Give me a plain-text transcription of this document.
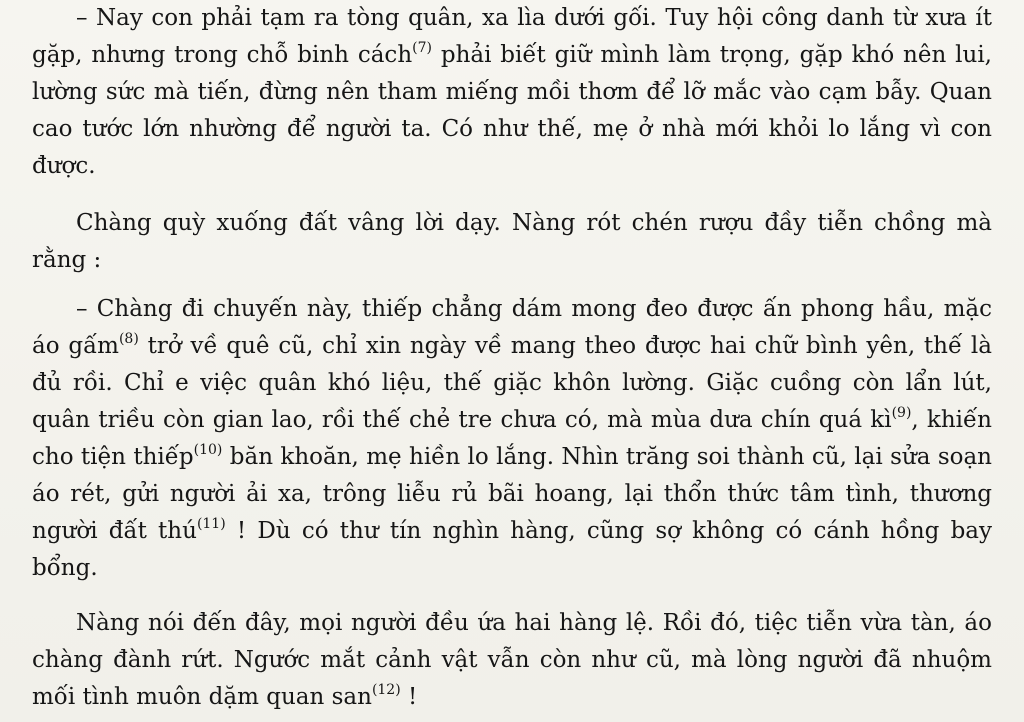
– Nay con phải tạm ra tòng quân, xa lìa dưới gối. Tuy hội công danh từ xưa ít gặp, nhưng trong chỗ binh cách$^{(7)}$ phải biết giữ mình làm trọng, gặp khó nên lui, lường sức mà tiến, đừng nên tham miếng mồi thơm để lỡ mắc vào cạm bẫy. Quan cao tước lớn nhường để người ta. Có như thế, mẹ ở nhà mới khỏi lo lắng vì con được.

Chàng quỳ xuống đất vâng lời dạy. Nàng rót chén rượu đầy tiễn chồng mà rằng :

– Chàng đi chuyến này, thiếp chẳng dám mong đeo được ấn phong hầu, mặc áo gấm$^{(8)}$ trở về quê cũ, chỉ xin ngày về mang theo được hai chữ bình yên, thế là đủ rồi. Chỉ e việc quân khó liệu, thế giặc khôn lường. Giặc cuồng còn lẩn lút, quân triều còn gian lao, rồi thế chẻ tre chưa có, mà mùa dưa chín quá $kì^{(9)}$, khiến cho tiện thiếp$^{(10)}$ băn khoăn, mẹ hiền lo lắng. Nhìn trăng soi thành cũ, lại sửa soạn áo rét, gửi người ải xa, trông liễu rủ bãi hoang, lại thổn thức tâm tình, thương người đất thú$^{(11)}$ ! Dù có thư tín nghìn hàng, cũng sợ không có cánh hồng bay bổng.

Nàng nói đến đây, mọi người đều ứa hai hàng lệ. Rồi đó, tiệc tiễn vừa tàn, áo chàng đành rứt. Ngước mắt cảnh vật vẫn còn như cũ, mà lòng người đã nhuộm mối tình muôn dặm quan san$^{(12)}$ !
